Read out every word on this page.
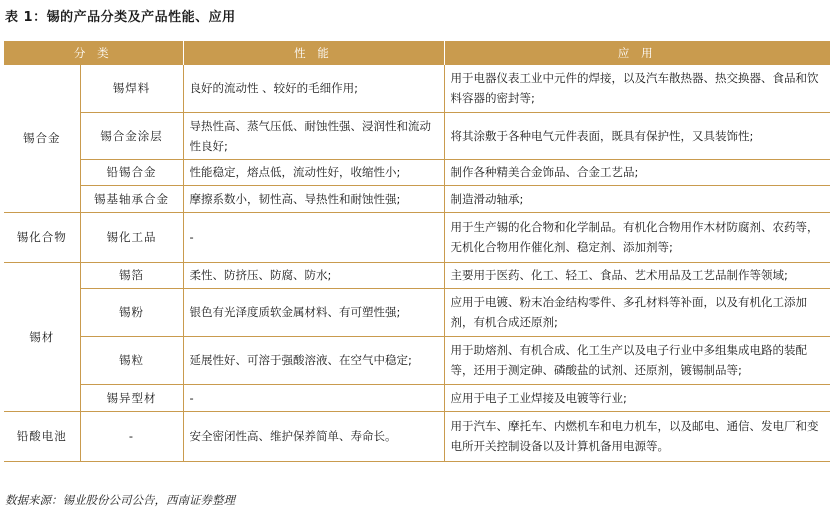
表 1：锡的产品分类及产品性能、应用
分 类		性 能	应 用
锡合金	锡焊料	良好的流动性 、较好的毛细作用;	用于电器仪表工业中元件的焊接，以及汽车散热器、热交换器、食品和饮料容器的密封等;
	锡合金涂层	导热性高、蒸气压低、耐蚀性强、浸润性和流动性良好;	将其涂敷于各种电气元件表面，既具有保护性，又具装饰性;
	铅锡合金	性能稳定，熔点低，流动性好，收缩性小;	制作各种精美合金饰品、合金工艺品;
	锡基轴承合金	摩擦系数小，韧性高、导热性和耐蚀性强;	制造滑动轴承;
锡化合物	锡化工品	-	用于生产锡的化合物和化学制品。有机化合物用作木材防腐剂、农药等，无机化合物用作催化剂、稳定剂、添加剂等;
锡材	锡箔	柔性、防挤压、防腐、防水;	主要用于医药、化工、轻工、食品、艺术用品及工艺品制作等领域;
	锡粉	银色有光泽度质软金属材料、有可塑性强;	应用于电镀、粉末冶金结构零件、多孔材料等补面，以及有机化工添加剂，有机合成还原剂;
	锡粒	延展性好、可溶于强酸溶液、在空气中稳定;	用于助熔剂、有机合成、化工生产以及电子行业中多组集成电路的装配等，还用于测定砷、磷酸盐的试剂、还原剂，镀锡制品等;
	锡异型材	-	应用于电子工业焊接及电镀等行业;
铅酸电池	-	安全密闭性高、维护保养简单、寿命长。	用于汽车、摩托车、内燃机车和电力机车，以及邮电、通信、发电厂和变电所开关控制设备以及计算机备用电源等。
数据来源：锡业股份公司公告，西南证券整理
